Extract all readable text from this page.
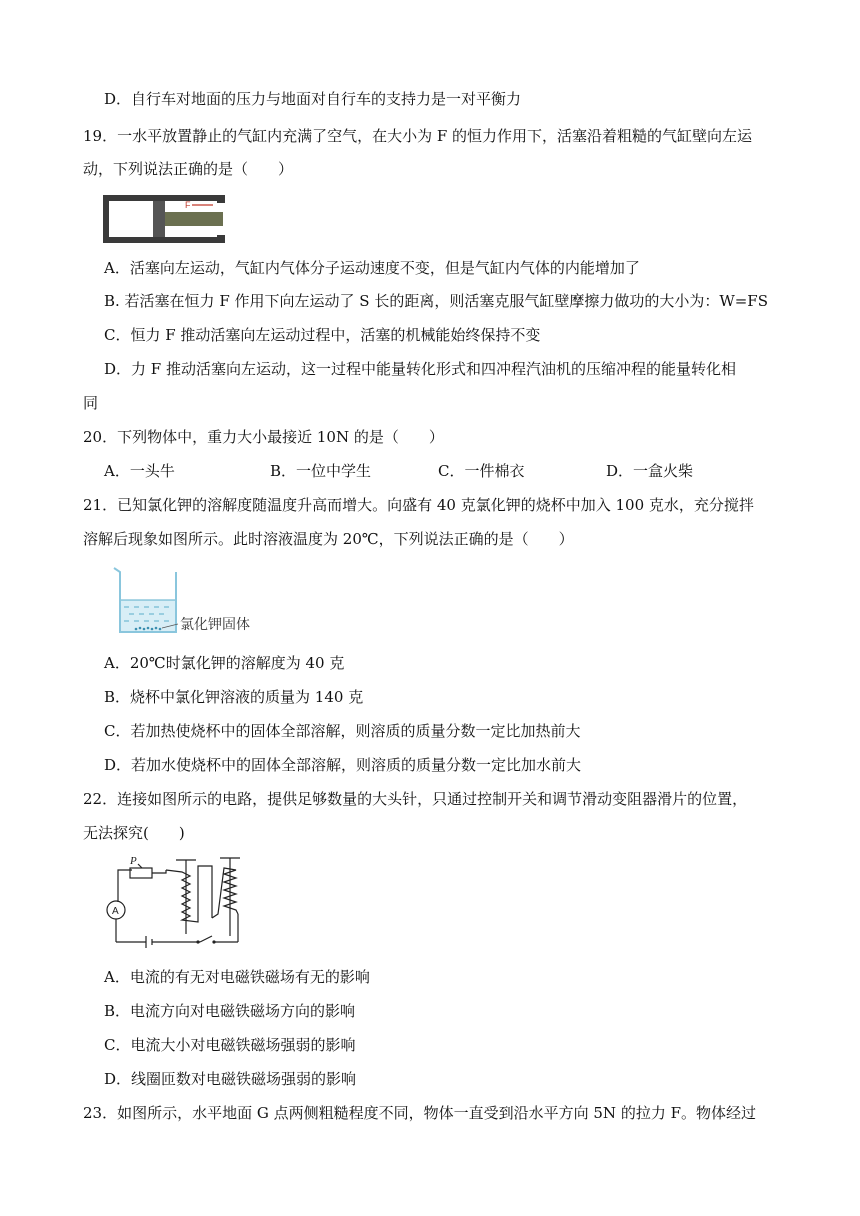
D．自行车对地面的压力与地面对自行车的支持力是一对平衡力
19．一水平放置静止的气缸内充满了空气，在大小为 F 的恒力作用下，活塞沿着粗糙的气缸壁向左运
动，下列说法正确的是（　　）
F
A．活塞向左运动，气缸内气体分子运动速度不变，但是气缸内气体的内能增加了
B. 若活塞在恒力 F 作用下向左运动了 S 长的距离，则活塞克服气缸壁摩擦力做功的大小为：W=FS
C．恒力 F 推动活塞向左运动过程中，活塞的机械能始终保持不变
D．力 F 推动活塞向左运动，这一过程中能量转化形式和四冲程汽油机的压缩冲程的能量转化相
同
20．下列物体中，重力大小最接近 10N 的是（　　）
A．一头牛	B．一位中学生	C．一件棉衣	D．一盒火柴
21．已知氯化钾的溶解度随温度升高而增大。向盛有 40 克氯化钾的烧杯中加入 100 克水，充分搅拌
溶解后现象如图所示。此时溶液温度为 20℃，下列说法正确的是（　　）
氯化钾固体
A．20℃时氯化钾的溶解度为 40 克
B．烧杯中氯化钾溶液的质量为 140 克
C．若加热使烧杯中的固体全部溶解，则溶质的质量分数一定比加热前大
D．若加水使烧杯中的固体全部溶解，则溶质的质量分数一定比加水前大
22．连接如图所示的电路，提供足够数量的大头针，只通过控制开关和调节滑动变阻器滑片的位置，
无法探究(　　)
P
A
A．电流的有无对电磁铁磁场有无的影响
B．电流方向对电磁铁磁场方向的影响
C．电流大小对电磁铁磁场强弱的影响
D．线圈匝数对电磁铁磁场强弱的影响
23．如图所示，水平地面 G 点两侧粗糙程度不同，物体一直受到沿水平方向 5N 的拉力 F。物体经过
